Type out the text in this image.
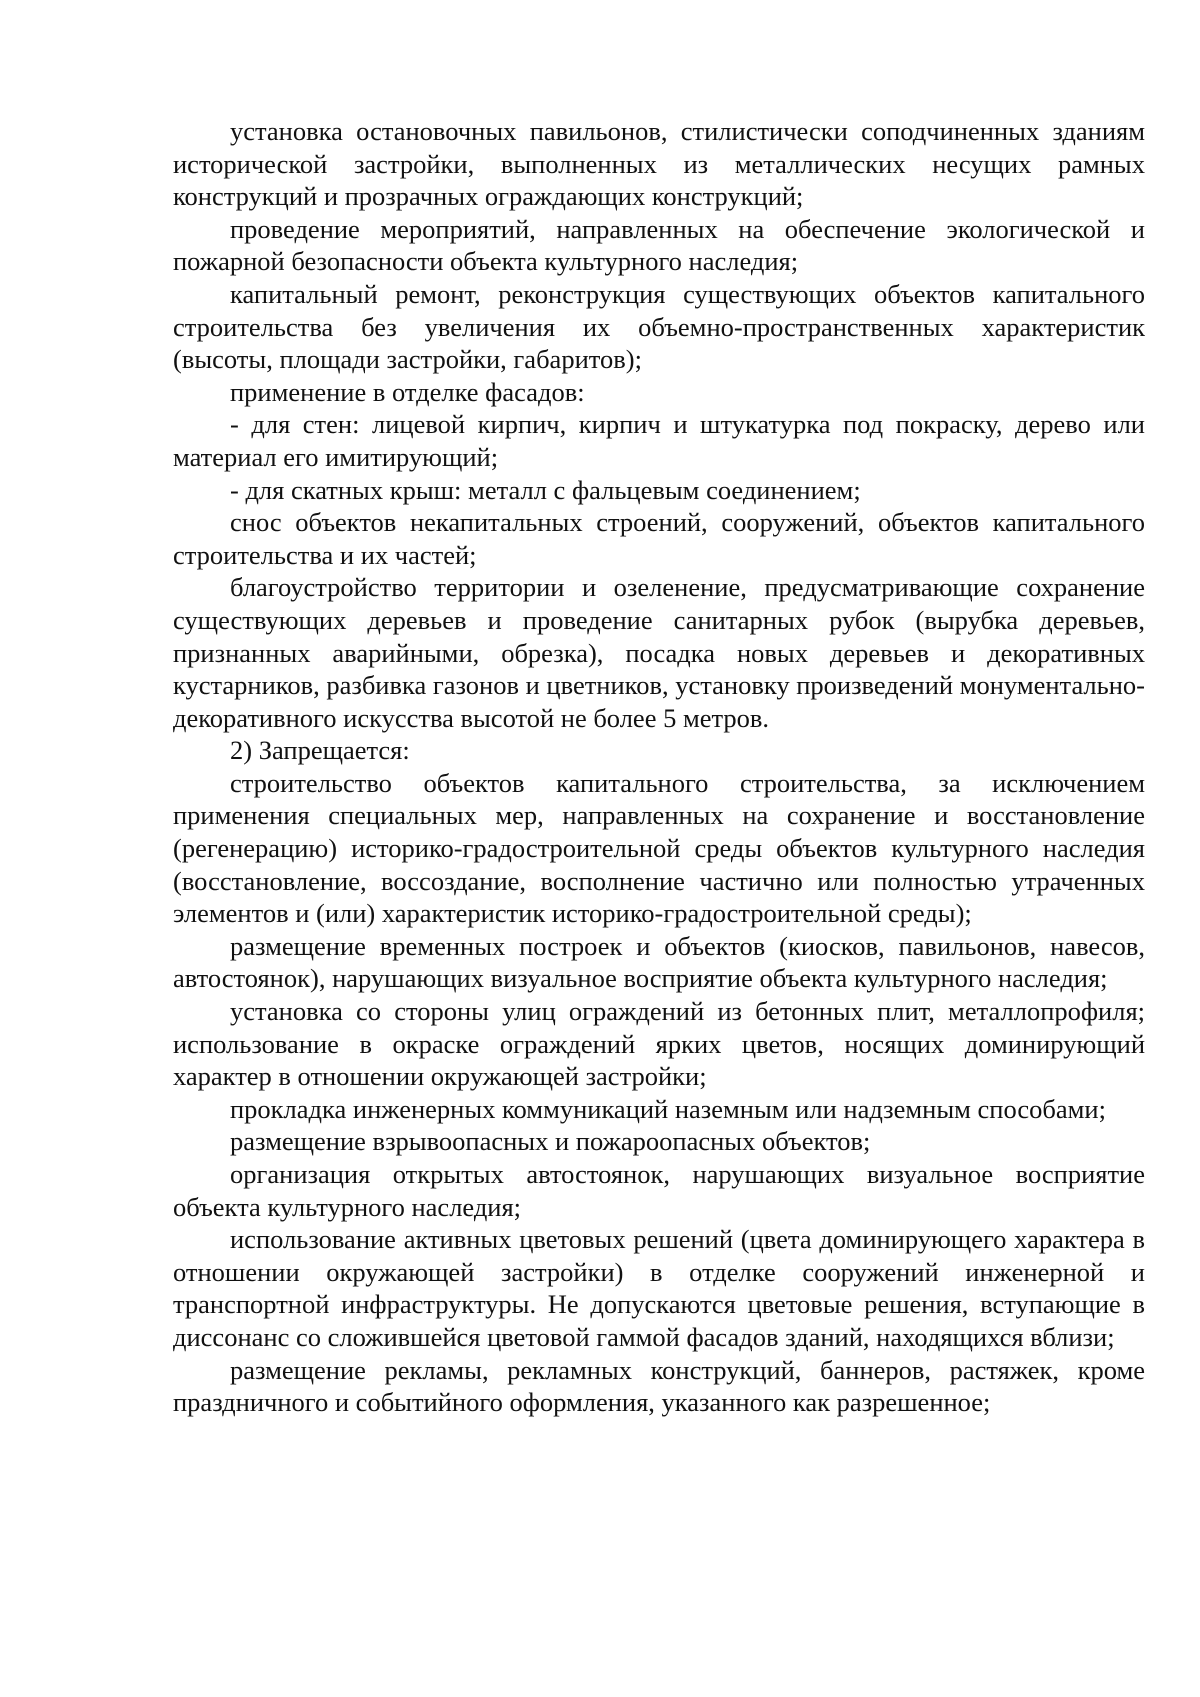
установка остановочных павильонов, стилистически соподчиненных зданиям исторической застройки, выполненных из металлических несущих рамных конструкций и прозрачных ограждающих конструкций;

проведение мероприятий, направленных на обеспечение экологической и пожарной безопасности объекта культурного наследия;

капитальный ремонт, реконструкция существующих объектов капитального строительства без увеличения их объемно-пространственных характеристик (высоты, площади застройки, габаритов);

применение в отделке фасадов:

- для стен: лицевой кирпич, кирпич и штукатурка под покраску, дерево или материал его имитирующий;

- для скатных крыш: металл с фальцевым соединением;

снос объектов некапитальных строений, сооружений, объектов капитального строительства и их частей;

благоустройство территории и озеленение, предусматривающие сохранение существующих деревьев и проведение санитарных рубок (вырубка деревьев, признанных аварийными, обрезка), посадка новых деревьев и декоративных кустарников, разбивка газонов и цветников, установку произведений монументально-декоративного искусства высотой не более 5 метров.

2) Запрещается:

строительство объектов капитального строительства, за исключением применения специальных мер, направленных на сохранение и восстановление (регенерацию) историко-градостроительной среды объектов культурного наследия (восстановление, воссоздание, восполнение частично или полностью утраченных элементов и (или) характеристик историко-градостроительной среды);

размещение временных построек и объектов (киосков, павильонов, навесов, автостоянок), нарушающих визуальное восприятие объекта культурного наследия;

установка со стороны улиц ограждений из бетонных плит, металлопрофиля; использование в окраске ограждений ярких цветов, носящих доминирующий характер в отношении окружающей застройки;

прокладка инженерных коммуникаций наземным или надземным способами;

размещение взрывоопасных и пожароопасных объектов;

организация открытых автостоянок, нарушающих визуальное восприятие объекта культурного наследия;

использование активных цветовых решений (цвета доминирующего характера в отношении окружающей застройки) в отделке сооружений инженерной и транспортной инфраструктуры. Не допускаются цветовые решения, вступающие в диссонанс со сложившейся цветовой гаммой фасадов зданий, находящихся вблизи;

размещение рекламы, рекламных конструкций, баннеров, растяжек, кроме праздничного и событийного оформления, указанного как разрешенное;
